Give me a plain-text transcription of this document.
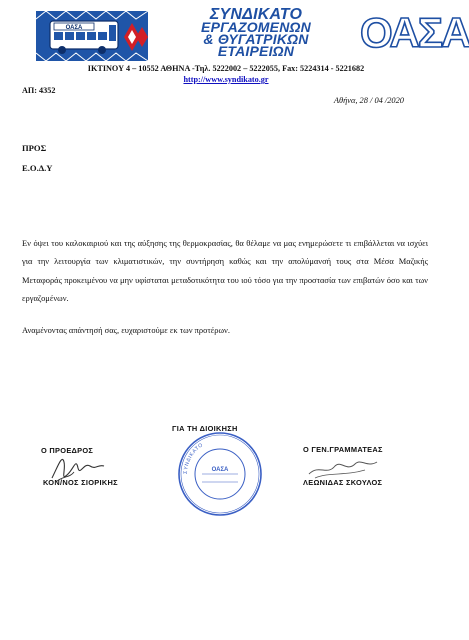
ΟΑΣΑ
ΣΥΝΔΙΚΑΤΟ
ΕΡΓΑΖΟΜΕΝΩΝ
& ΘΥΓΑΤΡΙΚΩΝ
ΕΤΑΙΡΕΙΩΝ	ΟΑΣΑ
ΙΚΤΙΝΟΥ 4 – 10552 ΑΘΗΝΑ -Τηλ. 5222002 – 5222055, Fax: 5224314 - 5221682
http://www.syndikato.gr
ΑΠ: 4352
Αθήνα, 28 / 04 /2020
ΠΡΟΣ
Ε.Ο.Δ.Υ

Εν όψει του καλοκαιριού και της αύξησης της θερμοκρασίας, θα θέλαμε να μας ενημερώσετε τι επιβάλλεται να ισχύει για την λειτουργία των κλιματιστικών, την συντήρηση καθώς και την απολύμανσή τους στα Μέσα Μαζικής Μεταφοράς προκειμένου να μην υφίσταται μεταδοτικότητα του ιού τόσο για την προστασία των επιβατών όσο και των εργαζομένων.

Αναμένοντας απάντησή σας, ευχαριστούμε εκ των προτέρων.

Ο ΠΡΟΕΔΡΟΣ
ΓΙΑ ΤΗ ΔΙΟΙΚΗΣΗ
Ο ΓΕΝ.ΓΡΑΜΜΑΤΕΑΣ
ΚΟΝ/ΝΟΣ ΣΙΟΡΙΚΗΣ	ΛΕΩΝΙΔΑΣ ΣΚΟΥΛΟΣ
ΣΥΝΔΙΚΑΤΟ
ΟΑΣΑ
